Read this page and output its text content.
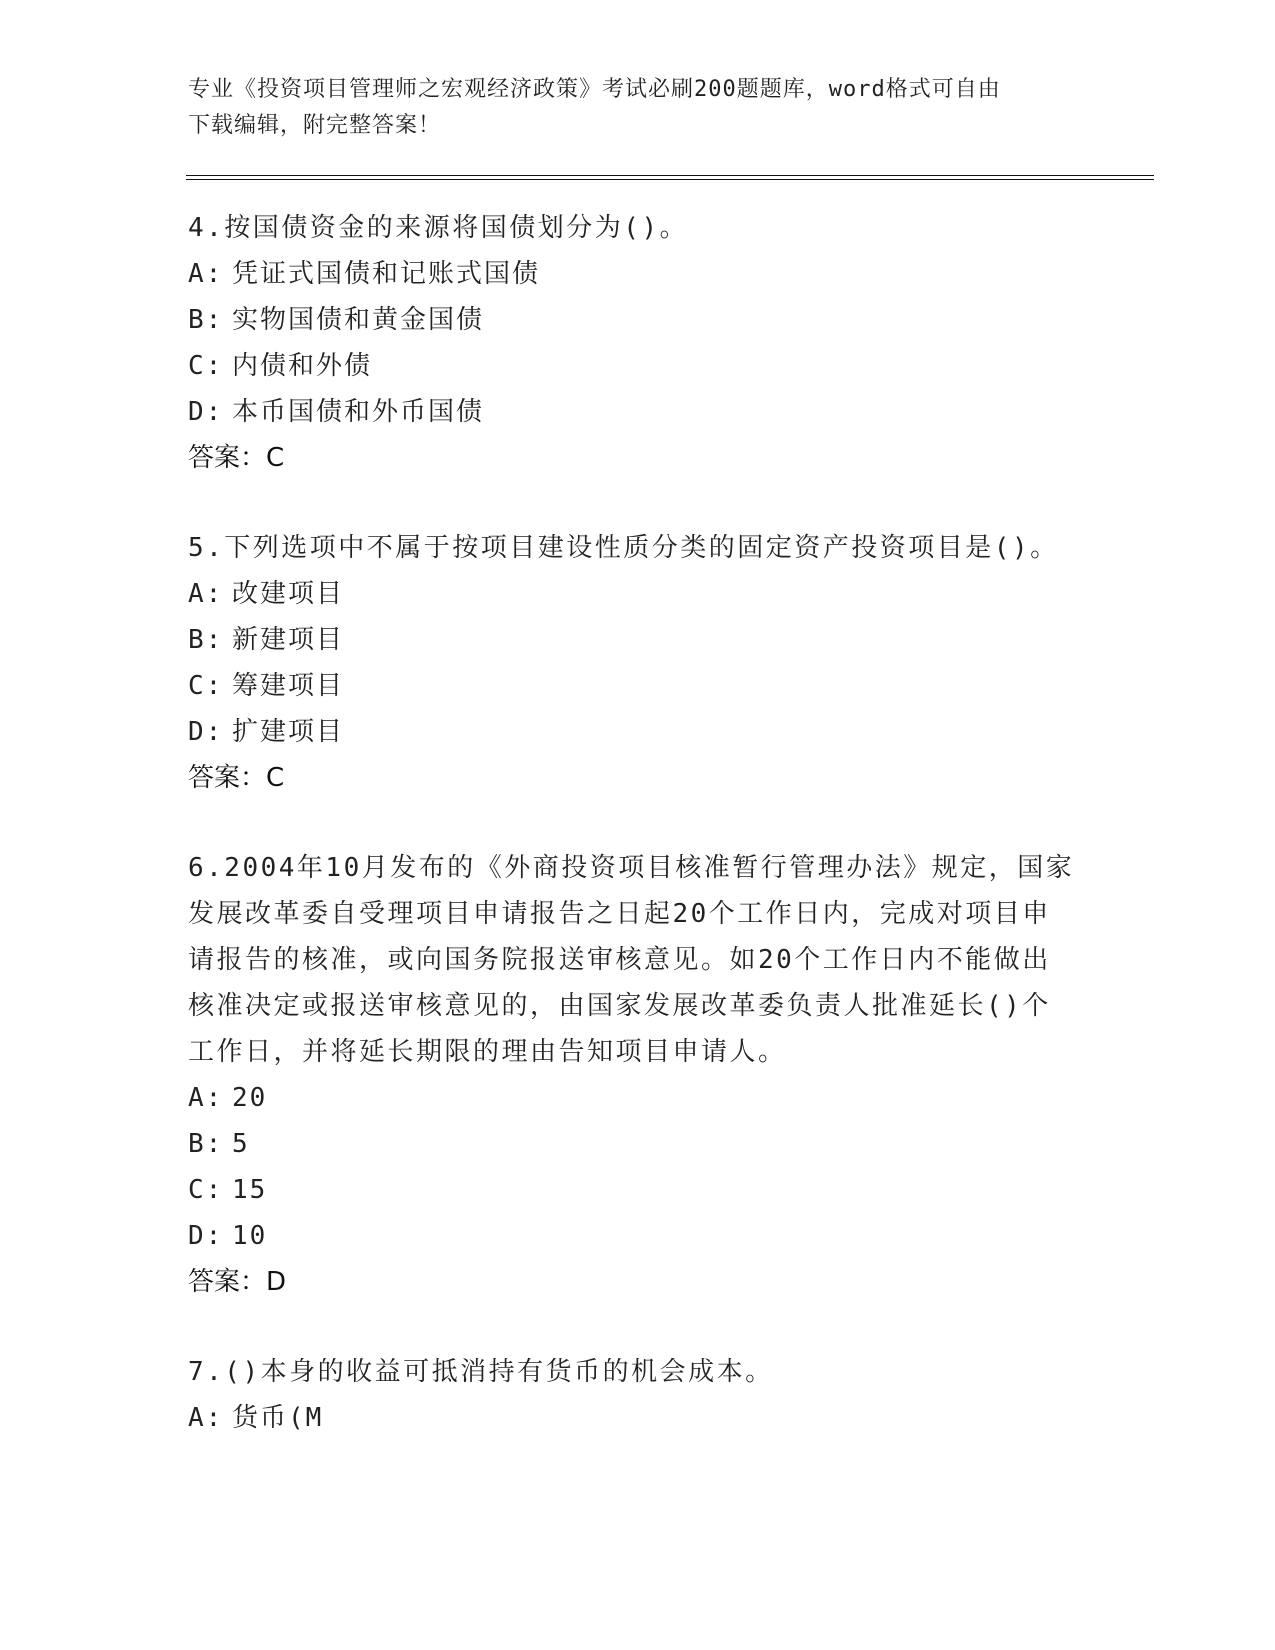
专业《投资项目管理师之宏观经济政策》考试必刷200题题库，word格式可自由
下载编辑，附完整答案！
4.按国债资金的来源将国债划分为()。
A: 凭证式国债和记账式国债
B: 实物国债和黄金国债
C: 内债和外债
D: 本币国债和外币国债
答案：C
5.下列选项中不属于按项目建设性质分类的固定资产投资项目是()。
A: 改建项目
B: 新建项目
C: 筹建项目
D: 扩建项目
答案：C
6.2004年10月发布的《外商投资项目核准暂行管理办法》规定，国家
发展改革委自受理项目申请报告之日起20个工作日内，完成对项目申
请报告的核准，或向国务院报送审核意见。如20个工作日内不能做出
核准决定或报送审核意见的，由国家发展改革委负责人批准延长()个
工作日，并将延长期限的理由告知项目申请人。
A: 20
B: 5
C: 15
D: 10
答案：D
7.()本身的收益可抵消持有货币的机会成本。
A: 货币(M
